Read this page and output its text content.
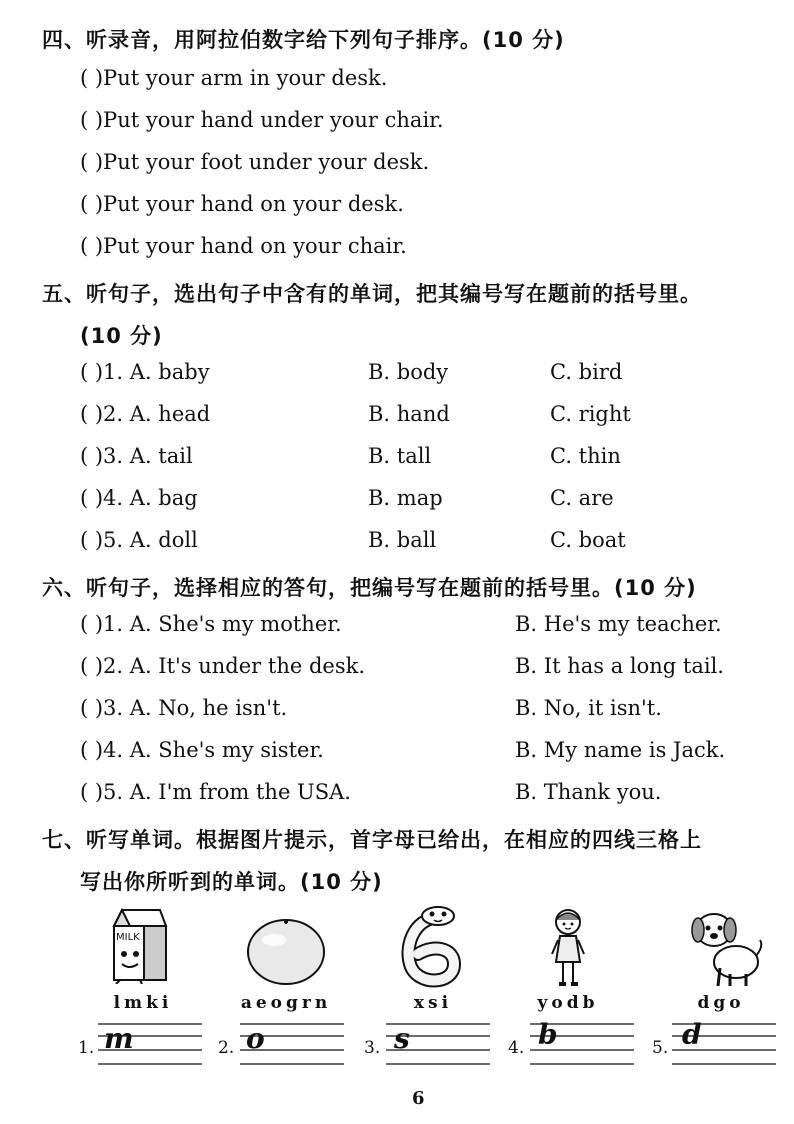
四、听录音，用阿拉伯数字给下列句子排序。(10 分)
( )Put your arm in your desk.
( )Put your hand under your chair.
( )Put your foot under your desk.
( )Put your hand on your desk.
( )Put your hand on your chair.
五、听句子，选出句子中含有的单词，把其编号写在题前的括号里。
(10 分)
( )1. A. baby	B. body	C. bird
( )2. A. head	B. hand	C. right
( )3. A. tail	B. tall	C. thin
( )4. A. bag	B. map	C. are
( )5. A. doll	B. ball	C. boat
六、听句子，选择相应的答句，把编号写在题前的括号里。(10 分)
( )1. A. She's my mother.	B. He's my teacher.
( )2. A. It's under the desk.	B. It has a long tail.
( )3. A. No, he isn't.	B. No, it isn't.
( )4. A. She's my sister.	B. My name is Jack.
( )5. A. I'm from the USA.	B. Thank you.
七、听写单词。根据图片提示，首字母已给出，在相应的四线三格上
写出你所听到的单词。(10 分)
MILK
lmki	aeogrn	xsi	yodb	dgo
1. m	2. o	3. s	4. b	5. d
6
